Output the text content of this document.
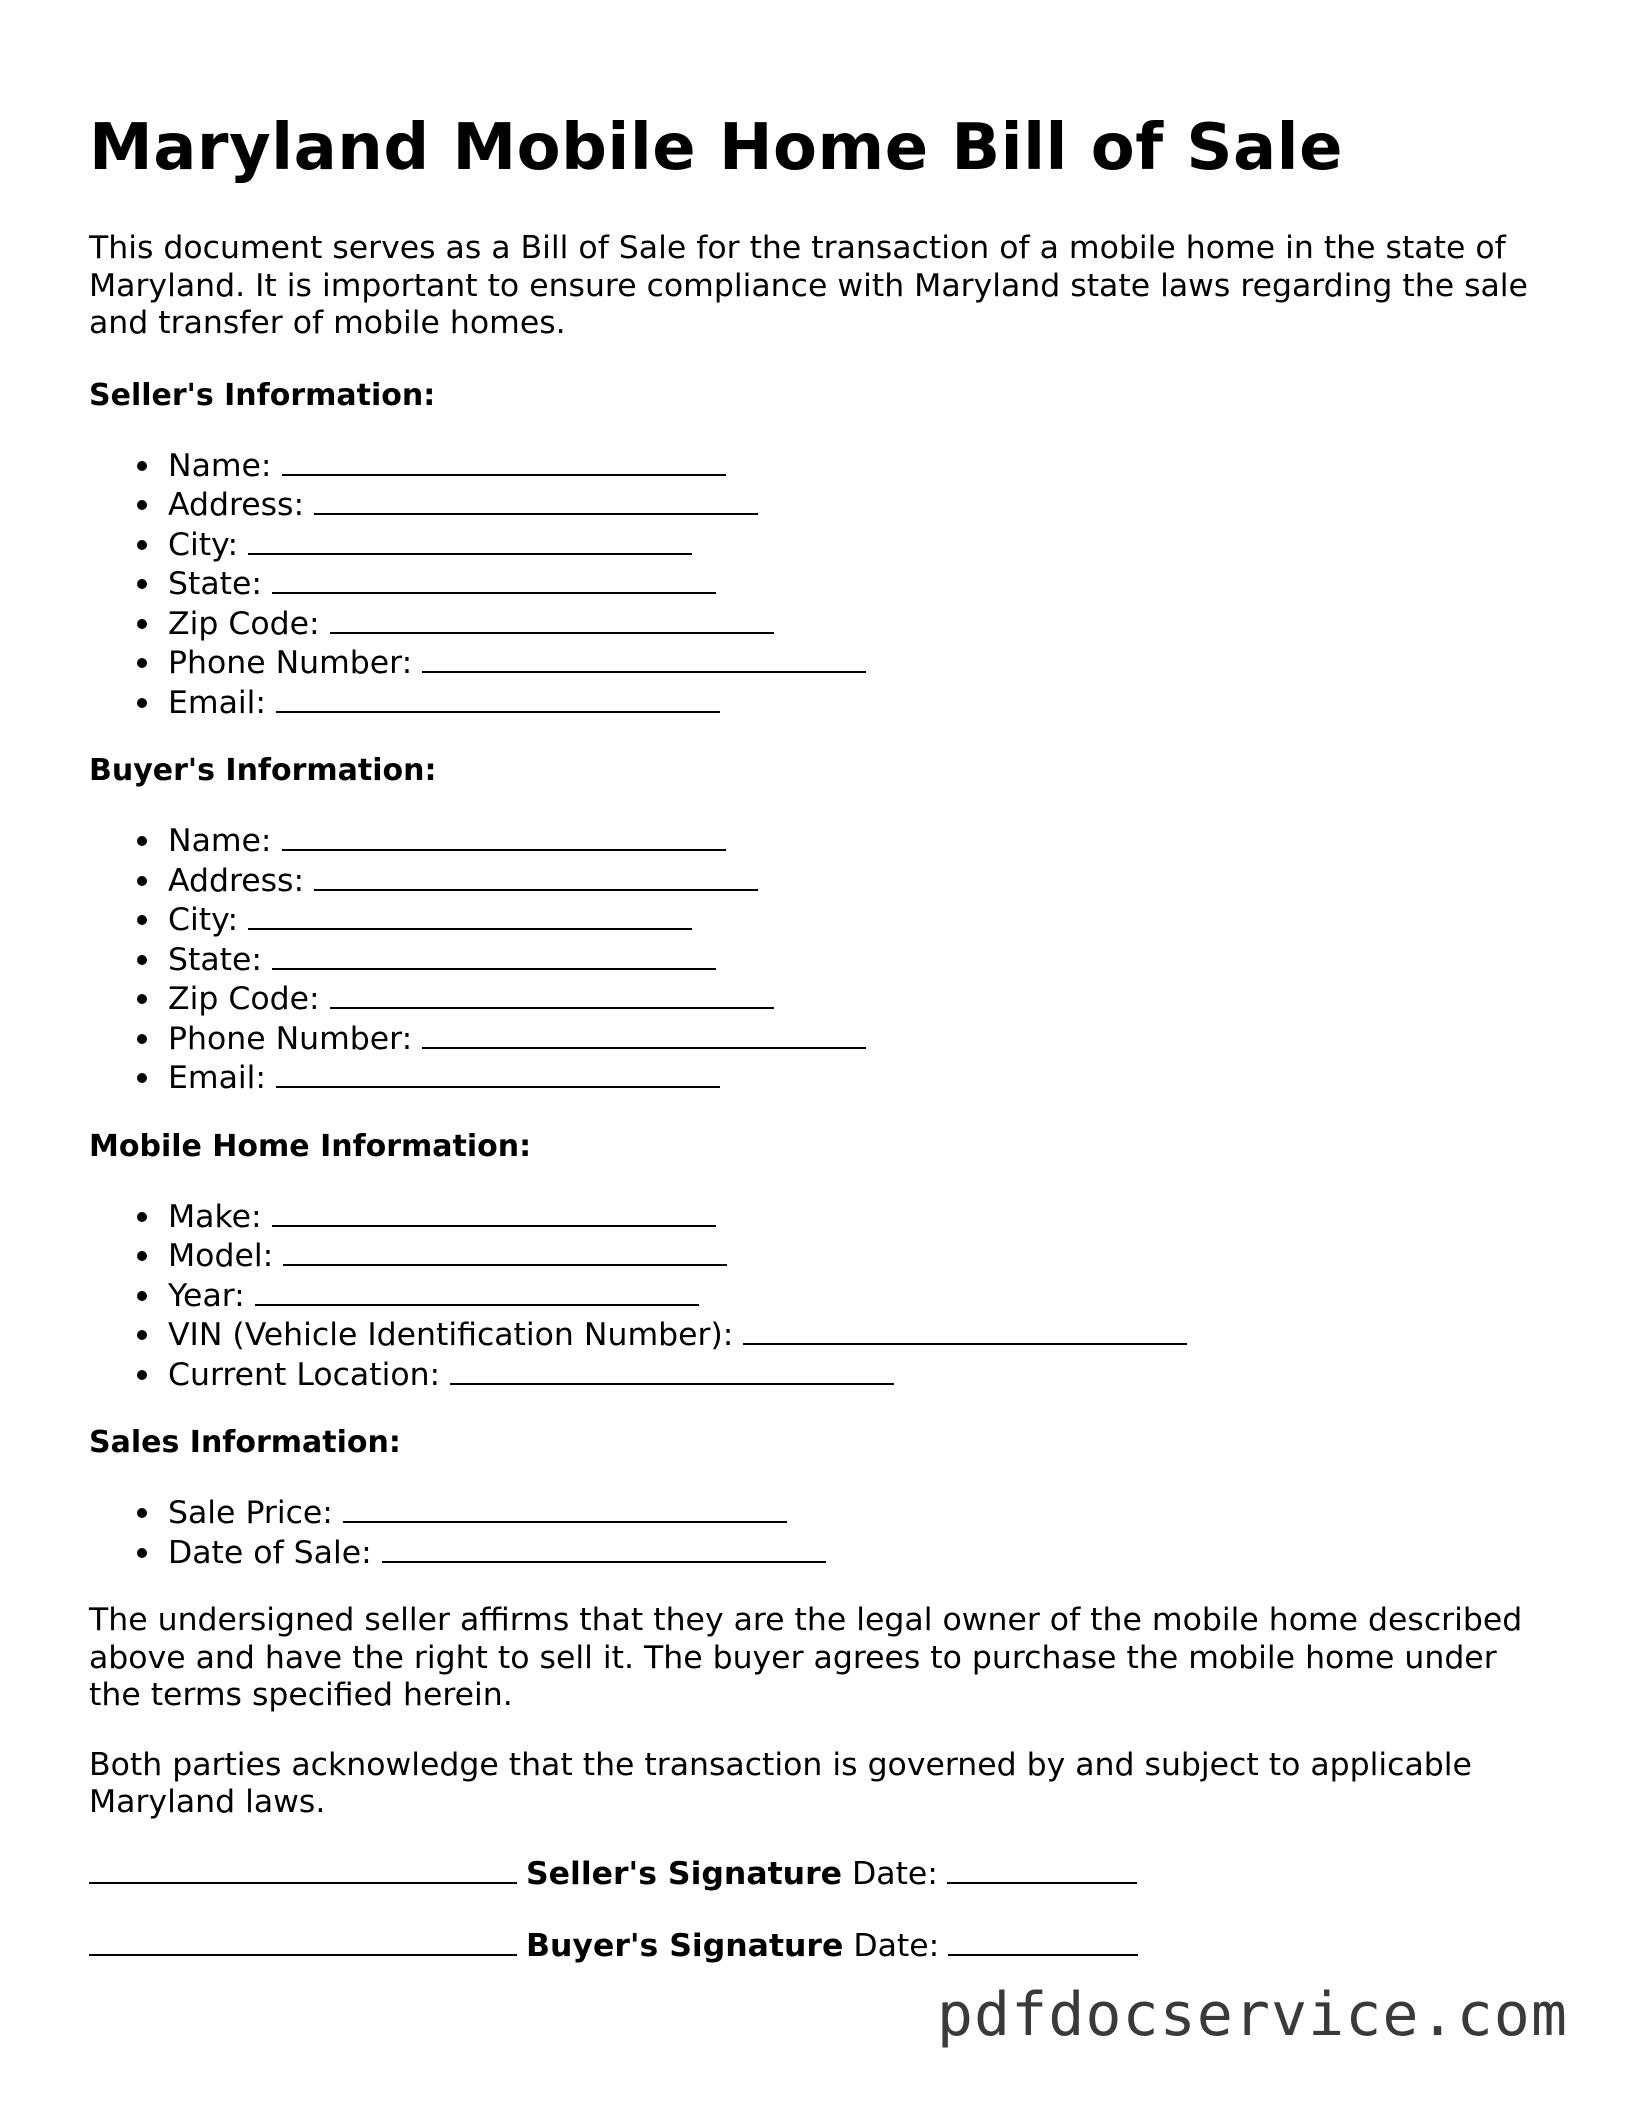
Maryland Mobile Home Bill of Sale

This document serves as a Bill of Sale for the transaction of a mobile home in the state of Maryland. It is important to ensure compliance with Maryland state laws regarding the sale and transfer of mobile homes.

Seller's Information:
Name:
Address:
City:
State:
Zip Code:
Phone Number:
Email:
Buyer's Information:
Name:
Address:
City:
State:
Zip Code:
Phone Number:
Email:
Mobile Home Information:
Make:
Model:
Year:
VIN (Vehicle Identification Number):
Current Location:
Sales Information:
Sale Price:
Date of Sale:

The undersigned seller affirms that they are the legal owner of the mobile home described above and have the right to sell it. The buyer agrees to purchase the mobile home under the terms specified herein.

Both parties acknowledge that the transaction is governed by and subject to applicable Maryland laws.

Seller's Signature Date:
Buyer's Signature Date:
pdfdocservice.com
